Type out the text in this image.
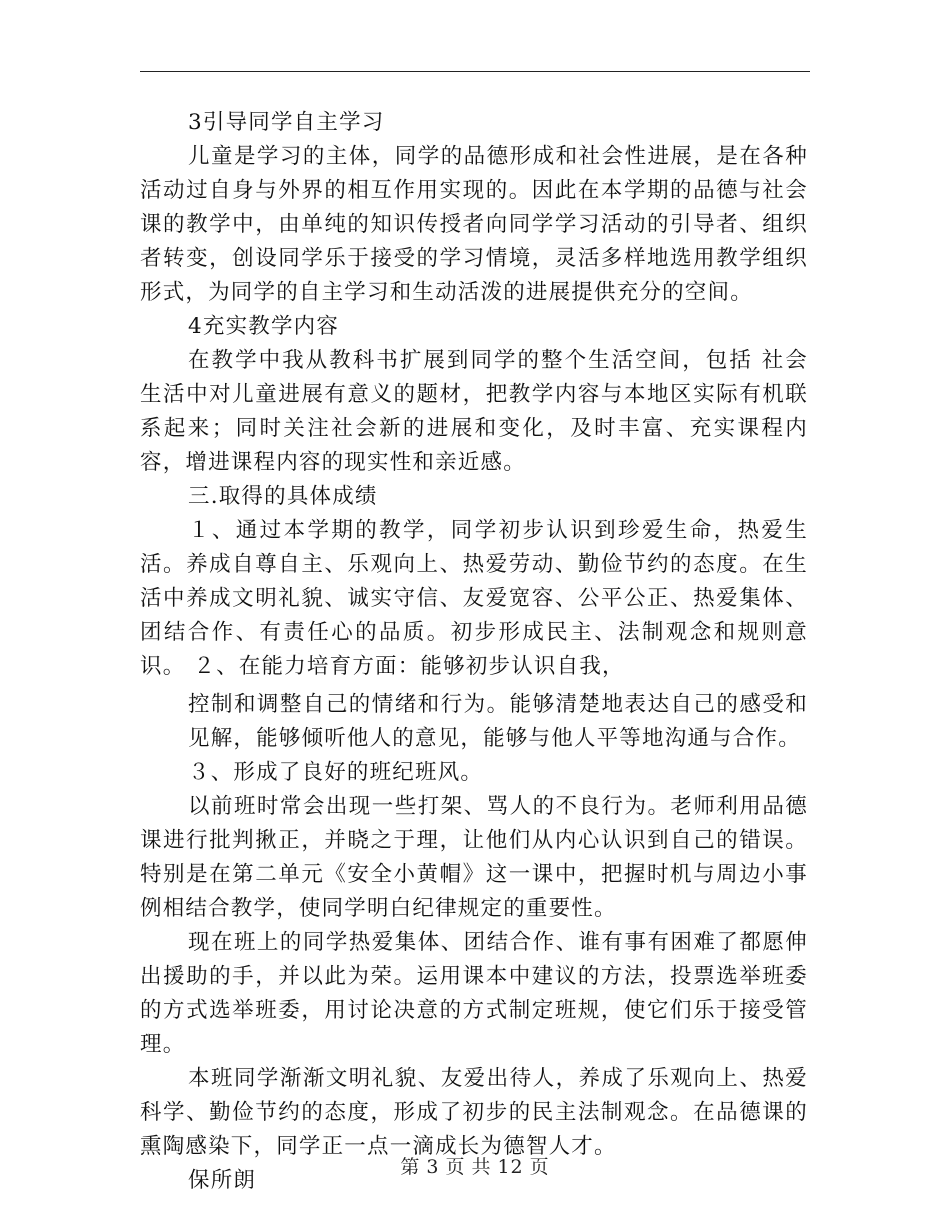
3引导同学自主学习

儿童是学习的主体，同学的品德形成和社会性进展，是在各种活动过自身与外界的相互作用实现的。因此在本学期的品德与社会课的教学中，由单纯的知识传授者向同学学习活动的引导者、组织者转变，创设同学乐于接受的学习情境，灵活多样地选用教学组织形式，为同学的自主学习和生动活泼的进展提供充分的空间。

4充实教学内容

在教学中我从教科书扩展到同学的整个生活空间，包括 社会生活中对儿童进展有意义的题材，把教学内容与本地区实际有机联系起来；同时关注社会新的进展和变化，及时丰富、充实课程内容，增进课程内容的现实性和亲近感。

三.取得的具体成绩

１、通过本学期的教学，同学初步认识到珍爱生命，热爱生活。养成自尊自主、乐观向上、热爱劳动、勤俭节约的态度。在生活中养成文明礼貌、诚实守信、友爱宽容、公平公正、热爱集体、团结合作、有责任心的品质。初步形成民主、法制观念和规则意识。 ２、在能力培育方面：能够初步认识自我，

控制和调整自己的情绪和行为。能够清楚地表达自己的感受和见解，能够倾听他人的意见，能够与他人平等地沟通与合作。

３、形成了良好的班纪班风。

以前班时常会出现一些打架、骂人的不良行为。老师利用品德课进行批判揪正，并晓之于理，让他们从内心认识到自己的错误。特别是在第二单元《安全小黄帽》这一课中，把握时机与周边小事例相结合教学，使同学明白纪律规定的重要性。

现在班上的同学热爱集体、团结合作、谁有事有困难了都愿伸出援助的手，并以此为荣。运用课本中建议的方法，投票选举班委的方式选举班委，用讨论决意的方式制定班规，使它们乐于接受管理。

本班同学渐渐文明礼貌、友爱出待人，养成了乐观向上、热爱科学、勤俭节约的态度，形成了初步的民主法制观念。在品德课的熏陶感染下，同学正一点一滴成长为德智人才。

保所朗

第 3 页 共 12 页
